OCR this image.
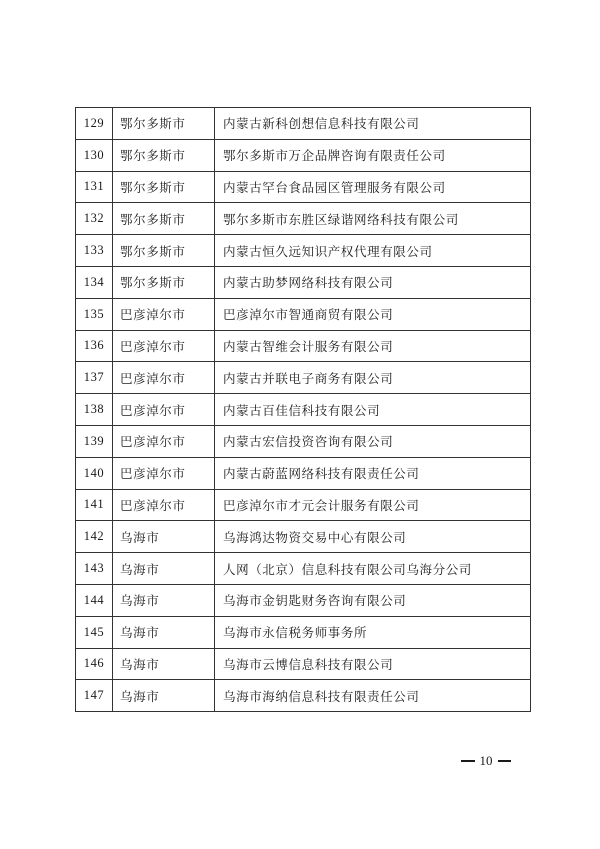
129	鄂尔多斯市	内蒙古新科创想信息科技有限公司
130	鄂尔多斯市	鄂尔多斯市万企品牌咨询有限责任公司
131	鄂尔多斯市	内蒙古罕台食品园区管理服务有限公司
132	鄂尔多斯市	鄂尔多斯市东胜区绿谐网络科技有限公司
133	鄂尔多斯市	内蒙古恒久远知识产权代理有限公司
134	鄂尔多斯市	内蒙古助梦网络科技有限公司
135	巴彦淖尔市	巴彦淖尔市智通商贸有限公司
136	巴彦淖尔市	内蒙古智维会计服务有限公司
137	巴彦淖尔市	内蒙古并联电子商务有限公司
138	巴彦淖尔市	内蒙古百佳信科技有限公司
139	巴彦淖尔市	内蒙古宏信投资咨询有限公司
140	巴彦淖尔市	内蒙古蔚蓝网络科技有限责任公司
141	巴彦淖尔市	巴彦淖尔市才元会计服务有限公司
142	乌海市	乌海鸿达物资交易中心有限公司
143	乌海市	人网（北京）信息科技有限公司乌海分公司
144	乌海市	乌海市金钥匙财务咨询有限公司
145	乌海市	乌海市永信税务师事务所
146	乌海市	乌海市云博信息科技有限公司
147	乌海市	乌海市海纳信息科技有限责任公司
10
